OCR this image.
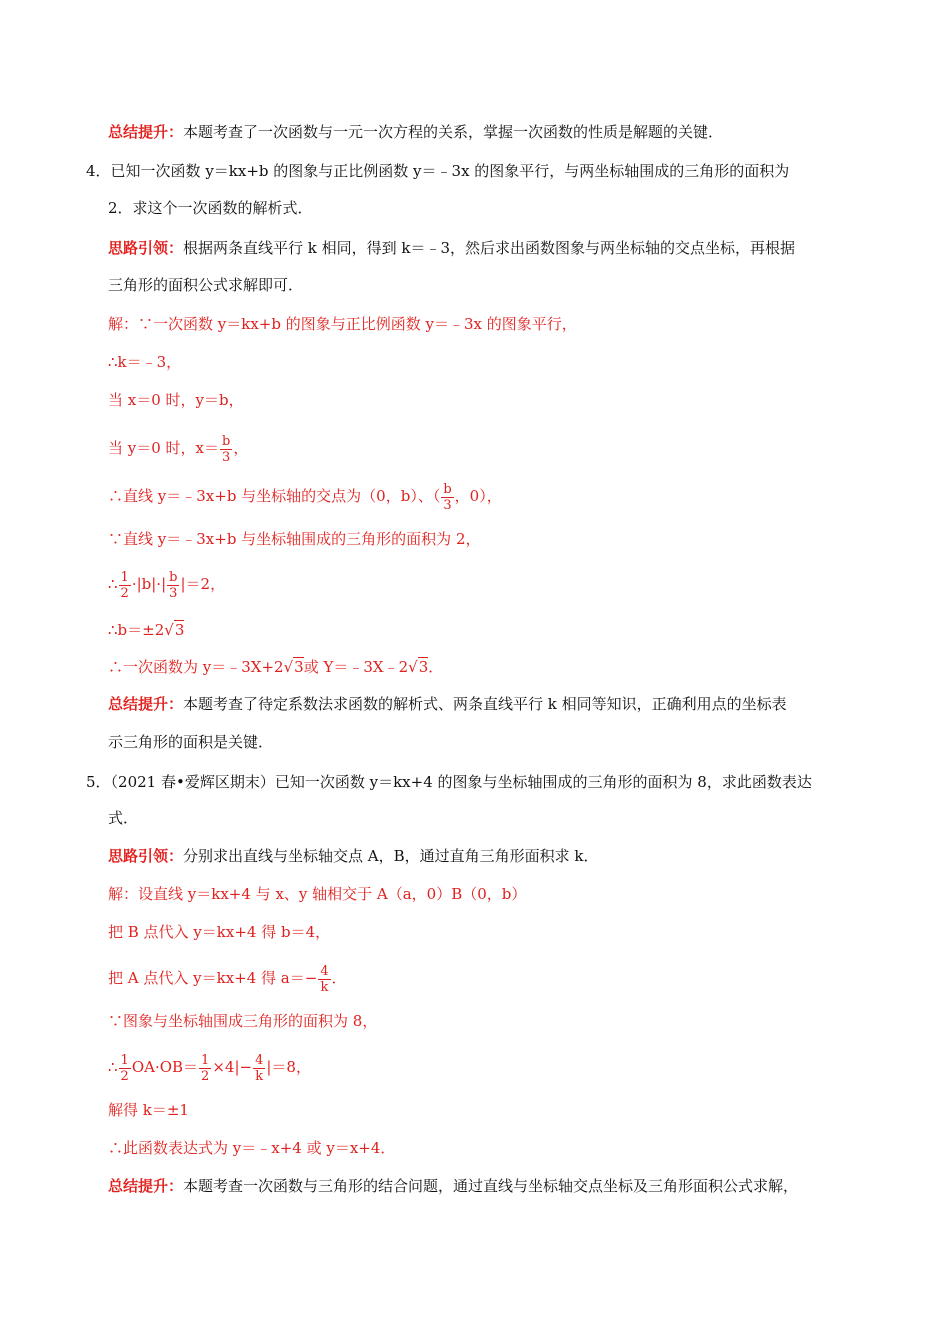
总结提升：本题考查了一次函数与一元一次方程的关系，掌握一次函数的性质是解题的关键．
4．已知一次函数 y＝kx+b 的图象与正比例函数 y＝﹣3x 的图象平行，与两坐标轴围成的三角形的面积为
2．求这个一次函数的解析式．
思路引领：根据两条直线平行 k 相同，得到 k＝﹣3，然后求出函数图象与两坐标轴的交点坐标，再根据
三角形的面积公式求解即可．
解：∵一次函数 y＝kx+b 的图象与正比例函数 y＝﹣3x 的图象平行，
∴k＝﹣3，
当 x＝0 时，y＝b，
当 y＝0 时，$x= \frac{b}{3}$ ，
∴直线 y＝﹣3x+b 与坐标轴的交点为（0，b）、（ $\frac{b}{3}$ ，0），
∵直线 y＝﹣3x+b 与坐标轴围成的三角形的面积为 2，
∴ $\frac{1}{2} \cdot|b|\cdot| \frac{b}{3} |=2$，
∴b＝±2√3
∴一次函数为 y＝﹣3X+2√3或 Y＝﹣3X﹣2√3．
总结提升：本题考查了待定系数法求函数的解析式、两条直线平行 k 相同等知识，正确利用点的坐标表
示三角形的面积是关键．
5．（2021 春•爱辉区期末）已知一次函数 y＝kx+4 的图象与坐标轴围成的三角形的面积为 8，求此函数表达
式．
思路引领：分别求出直线与坐标轴交点 A，B，通过直角三角形面积求 k．
解：设直线 y＝kx+4 与 x、y 轴相交于 A（a，0）B（0，b）
把 B 点代入 y＝kx+4 得 b＝4，
把 A 点代入 y＝kx+4 得 $a=- \frac{4}{k}$ ．
∵图象与坐标轴围成三角形的面积为 8，
∴ $\frac{1}{2} OA\cdot OB= \frac{1}{2} \times 4|- \frac{4}{k} |=8$，
解得 k＝±1
∴此函数表达式为 y＝﹣x+4 或 y＝x+4．
总结提升：本题考查一次函数与三角形的结合问题，通过直线与坐标轴交点坐标及三角形面积公式求解，
